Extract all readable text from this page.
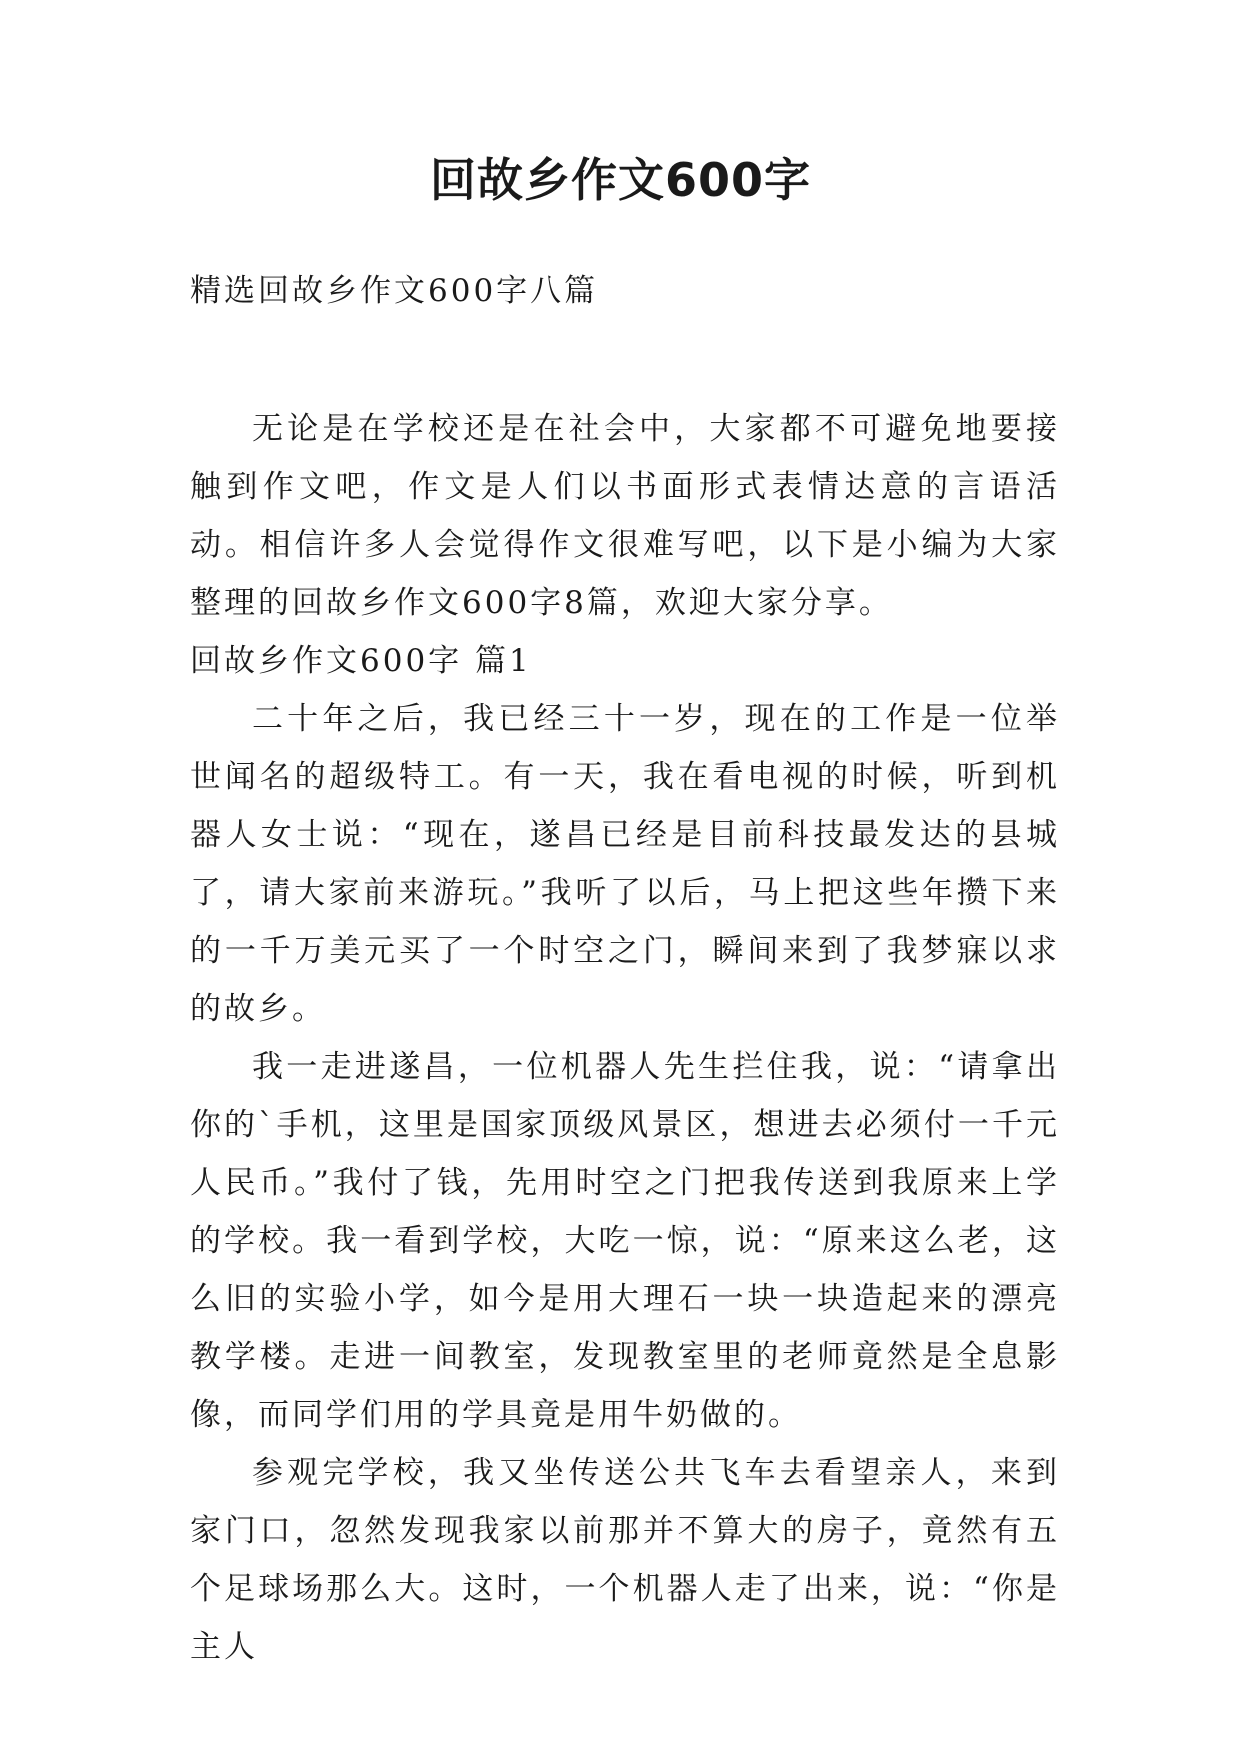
回故乡作文600字

精选回故乡作文600字八篇

无论是在学校还是在社会中，大家都不可避免地要接触到作文吧，作文是人们以书面形式表情达意的言语活动。相信许多人会觉得作文很难写吧，以下是小编为大家整理的回故乡作文600字8篇，欢迎大家分享。

回故乡作文600字 篇1

二十年之后，我已经三十一岁，现在的工作是一位举世闻名的超级特工。有一天，我在看电视的时候，听到机器人女士说：“现在，遂昌已经是目前科技最发达的县城了，请大家前来游玩。”我听了以后，马上把这些年攒下来的一千万美元买了一个时空之门，瞬间来到了我梦寐以求的故乡。

我一走进遂昌，一位机器人先生拦住我，说：“请拿出你的`手机，这里是国家顶级风景区，想进去必须付一千元人民币。”我付了钱，先用时空之门把我传送到我原来上学的学校。我一看到学校，大吃一惊，说：“原来这么老，这么旧的实验小学，如今是用大理石一块一块造起来的漂亮教学楼。走进一间教室，发现教室里的老师竟然是全息影像，而同学们用的学具竟是用牛奶做的。

参观完学校，我又坐传送公共飞车去看望亲人，来到家门口，忽然发现我家以前那并不算大的房子，竟然有五个足球场那么大。这时，一个机器人走了出来，说：“你是主人
